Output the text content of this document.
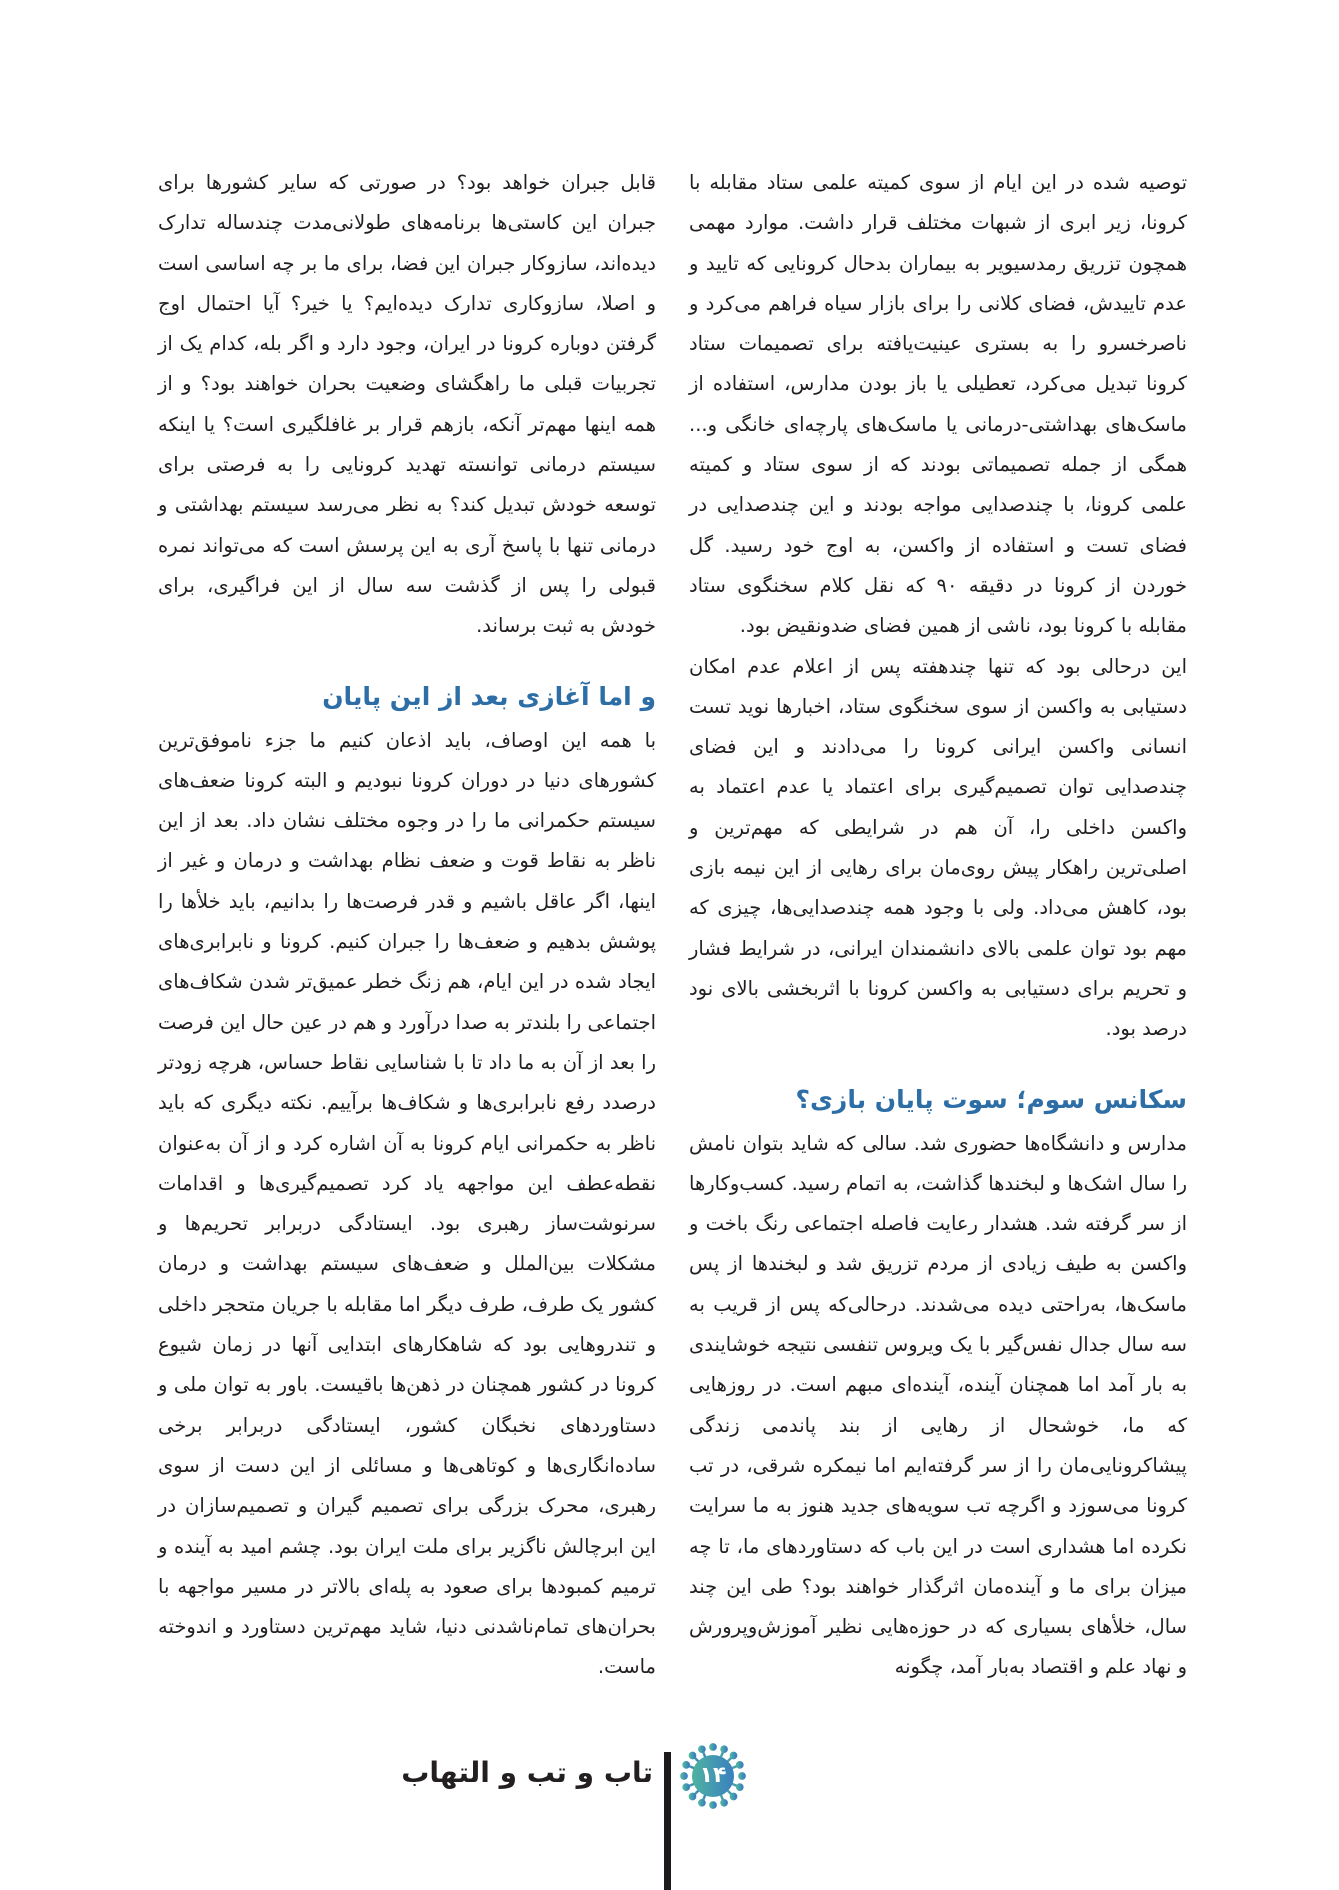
توصیه شده در این ایام از سوی کمیته علمی ستاد مقابله با کرونا، زیر ابری از شبهات مختلف قرار داشت. موارد مهمی همچون تزریق رمدسیویر به بیماران بدحال کرونایی که تایید و عدم تاییدش، فضای کلانی را برای بازار سیاه فراهم می‌کرد و ناصرخسرو را به بستری عینیت‌یافته برای تصمیمات ستاد کرونا تبدیل می‌کرد، تعطیلی یا باز بودن مدارس، استفاده از ماسک‌های بهداشتی-درمانی یا ماسک‌های پارچه‌ای خانگی و... همگی از جمله تصمیماتی بودند که از سوی ستاد و کمیته علمی کرونا، با چندصدایی مواجه بودند و این چندصدایی در فضای تست و استفاده از واکسن، به اوج خود رسید. گل خوردن از کرونا در دقیقه ۹۰ که نقل کلام سخنگوی ستاد مقابله با کرونا بود، ناشی از همین فضای ضدونقیض بود.

این درحالی بود که تنها چندهفته پس از اعلام عدم امکان دستیابی به واکسن از سوی سخنگوی ستاد، اخبارها نوید تست انسانی واکسن ایرانی کرونا را می‌دادند و این فضای چندصدایی توان تصمیم‌گیری برای اعتماد یا عدم اعتماد به واکسن داخلی را، آن هم در شرایطی که مهم‌ترین و اصلی‌ترین راهکار پیش روی‌مان برای رهایی از این نیمه بازی بود، کاهش می‌داد. ولی با وجود همه چندصدایی‌ها، چیزی که مهم بود توان علمی بالای دانشمندان ایرانی، در شرایط فشار و تحریم برای دستیابی به واکسن کرونا با اثربخشی بالای نود درصد بود.

سکانس سوم؛ سوت پایان بازی؟

مدارس و دانشگاه‌ها حضوری شد. سالی که شاید بتوان نامش را سال اشک‌ها و لبخندها گذاشت، به اتمام رسید. کسب‌وکارها از سر گرفته شد. هشدار رعایت فاصله اجتماعی رنگ باخت و واکسن به طیف زیادی از مردم تزریق شد و لبخندها از پس ماسک‌ها، به‌راحتی دیده می‌شدند. درحالی‌که پس از قریب به سه سال جدال نفس‌گیر با یک ویروس تنفسی نتیجه خوشایندی به بار آمد اما همچنان آینده، آینده‌ای مبهم است. در روزهایی که ما، خوشحال از رهایی از بند پاندمی زندگی پیشاکرونایی‌مان را از سر گرفته‌ایم اما نیمکره شرقی، در تب کرونا می‌سوزد و اگرچه تب سویه‌های جدید هنوز به ما سرایت نکرده اما هشداری است در این باب که دستاوردهای ما، تا چه میزان برای ما و آینده‌مان اثرگذار خواهند بود؟ طی این چند سال، خلأهای بسیاری که در حوزه‌هایی نظیر آموزش‌وپرورش و نهاد علم و اقتصاد به‌بار آمد، چگونه

قابل جبران خواهد بود؟ در صورتی که سایر کشورها برای جبران این کاستی‌ها برنامه‌های طولانی‌مدت چندساله تدارک دیده‌اند، سازوکار جبران این فضا، برای ما بر چه اساسی است و اصلا، سازوکاری تدارک دیده‌ایم؟ یا خیر؟ آیا احتمال اوج گرفتن دوباره کرونا در ایران، وجود دارد و اگر بله، کدام یک از تجربیات قبلی ما راهگشای وضعیت بحران خواهند بود؟ و از همه اینها مهم‌تر آنکه، بازهم قرار بر غافلگیری است؟ یا اینکه سیستم درمانی توانسته تهدید کرونایی را به فرصتی برای توسعه خودش تبدیل کند؟ به نظر می‌رسد سیستم بهداشتی و درمانی تنها با پاسخ آری به این پرسش است که می‌تواند نمره قبولی را پس از گذشت سه سال از این فراگیری، برای خودش به ثبت برساند.

و اما آغازی بعد از این پایان

با همه این اوصاف، باید اذعان کنیم ما جزء ناموفق‌ترین کشورهای دنیا در دوران کرونا نبودیم و البته کرونا ضعف‌های سیستم حکمرانی ما را در وجوه مختلف نشان داد. بعد از این ناظر به نقاط قوت و ضعف نظام بهداشت و درمان و غیر از اینها، اگر عاقل باشیم و قدر فرصت‌ها را بدانیم، باید خلأها را پوشش بدهیم و ضعف‌ها را جبران کنیم. کرونا و نابرابری‌های ایجاد شده در این ایام، هم زنگ خطر عمیق‌تر شدن شکاف‌های اجتماعی را بلندتر به صدا درآورد و هم در عین حال این فرصت را بعد از آن به ما داد تا با شناسایی نقاط حساس، هرچه زودتر درصدد رفع نابرابری‌ها و شکاف‌ها برآییم. نکته دیگری که باید ناظر به حکمرانی ایام کرونا به آن اشاره کرد و از آن به‌عنوان نقطه‌عطف این مواجهه یاد کرد تصمیم‌گیری‌ها و اقدامات سرنوشت‌ساز رهبری بود. ایستادگی دربرابر تحریم‌ها و مشکلات بین‌الملل و ضعف‌های سیستم بهداشت و درمان کشور یک طرف، طرف دیگر اما مقابله با جریان متحجر داخلی و تندروهایی بود که شاهکارهای ابتدایی آنها در زمان شیوع کرونا در کشور همچنان در ذهن‌ها باقیست. باور به توان ملی و دستاوردهای نخبگان کشور، ایستادگی دربرابر برخی ساده‌انگاری‌ها و کوتاهی‌ها و مسائلی از این دست از سوی رهبری، محرک بزرگی برای تصمیم گیران و تصمیم‌سازان در این ابرچالش ناگزیر برای ملت ایران بود. چشم امید به آینده و ترمیم کمبودها برای صعود به پله‌ای بالاتر در مسیر مواجهه با بحران‌های تمام‌ناشدنی دنیا، شاید مهم‌ترین دستاورد و اندوخته ماست.

۱۴
تاب و تب و التهاب
